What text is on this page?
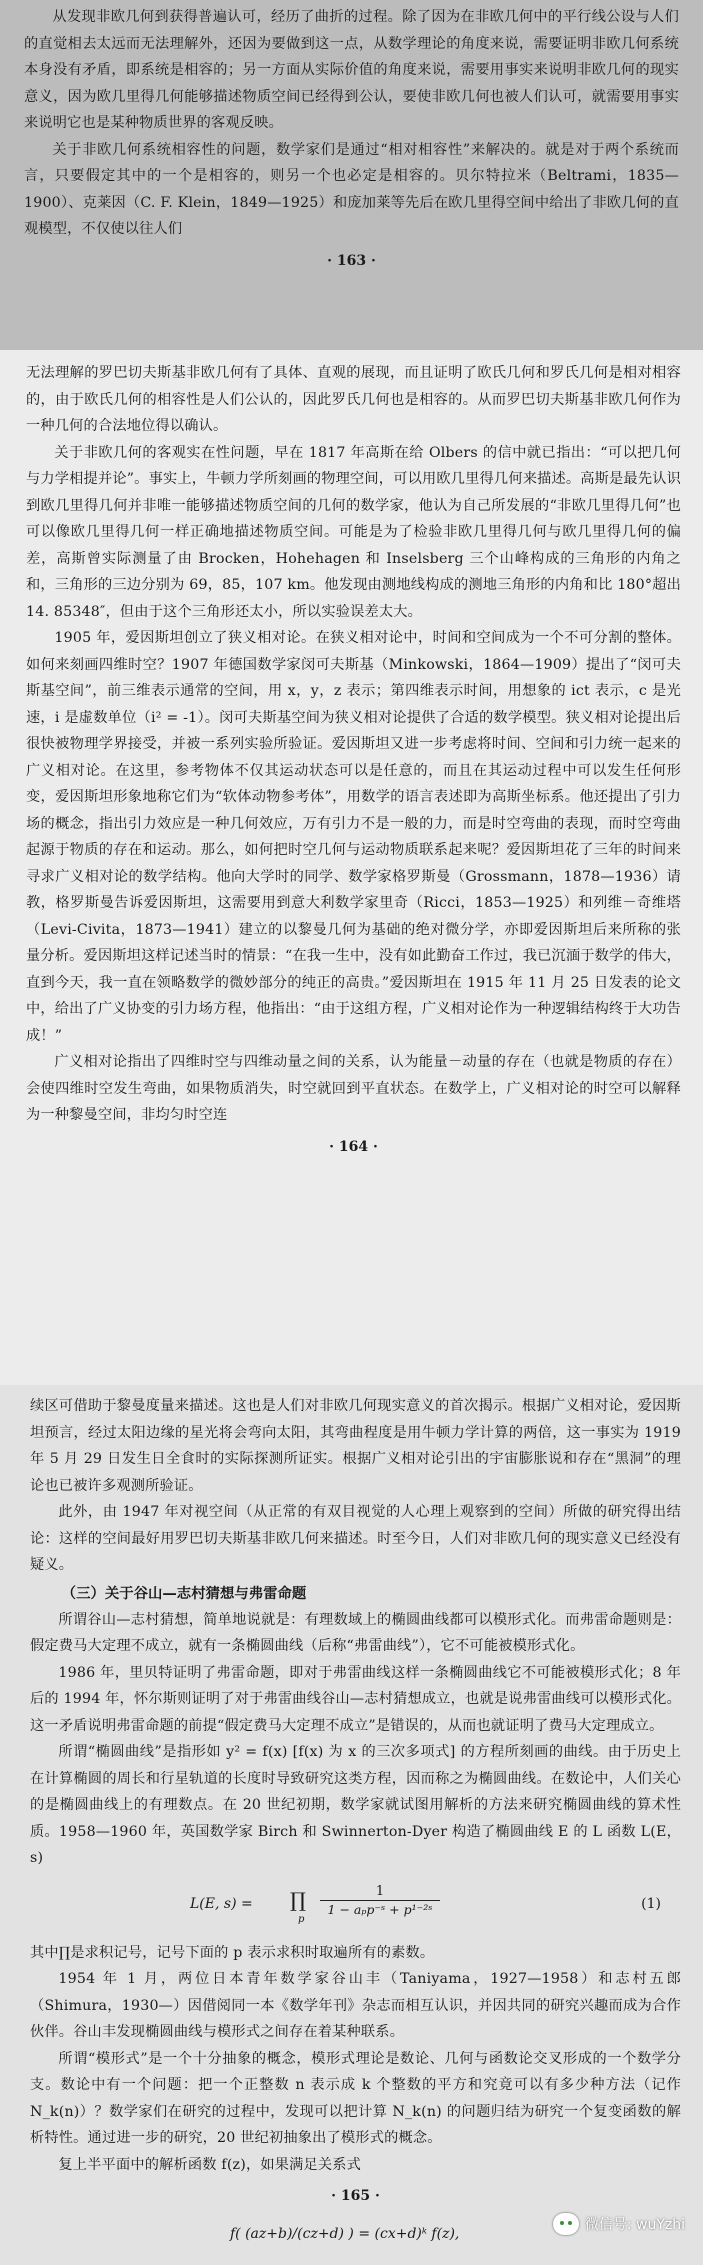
从发现非欧几何到获得普遍认可，经历了曲折的过程。除了因为在非欧几何中的平行线公设与人们的直觉相去太远而无法理解外，还因为要做到这一点，从数学理论的角度来说，需要证明非欧几何系统本身没有矛盾，即系统是相容的；另一方面从实际价值的角度来说，需要用事实来说明非欧几何的现实意义，因为欧几里得几何能够描述物质空间已经得到公认，要使非欧几何也被人们认可，就需要用事实来说明它也是某种物质世界的客观反映。

关于非欧几何系统相容性的问题，数学家们是通过“相对相容性”来解决的。就是对于两个系统而言，只要假定其中的一个是相容的，则另一个也必定是相容的。贝尔特拉米（Beltrami，1835—1900）、克莱因（C. F. Klein，1849—1925）和庞加莱等先后在欧几里得空间中给出了非欧几何的直观模型，不仅使以往人们

· 163 ·

无法理解的罗巴切夫斯基非欧几何有了具体、直观的展现，而且证明了欧氏几何和罗氏几何是相对相容的，由于欧氏几何的相容性是人们公认的，因此罗氏几何也是相容的。从而罗巴切夫斯基非欧几何作为一种几何的合法地位得以确认。

关于非欧几何的客观实在性问题，早在 1817 年高斯在给 Olbers 的信中就已指出：“可以把几何与力学相提并论”。事实上，牛顿力学所刻画的物理空间，可以用欧几里得几何来描述。高斯是最先认识到欧几里得几何并非唯一能够描述物质空间的几何的数学家，他认为自己所发展的“非欧几里得几何”也可以像欧几里得几何一样正确地描述物质空间。可能是为了检验非欧几里得几何与欧几里得几何的偏差，高斯曾实际测量了由 Brocken，Hohehagen 和 Inselsberg 三个山峰构成的三角形的内角之和，三角形的三边分别为 69，85，107 km。他发现由测地线构成的测地三角形的内角和比 180°超出 14. 85348″，但由于这个三角形还太小，所以实验误差太大。

1905 年，爱因斯坦创立了狭义相对论。在狭义相对论中，时间和空间成为一个不可分割的整体。如何来刻画四维时空？1907 年德国数学家闵可夫斯基（Minkowski，1864—1909）提出了“闵可夫斯基空间”，前三维表示通常的空间，用 x，y，z 表示；第四维表示时间，用想象的 ict 表示，c 是光速，i 是虚数单位（i² = -1）。闵可夫斯基空间为狭义相对论提供了合适的数学模型。狭义相对论提出后很快被物理学界接受，并被一系列实验所验证。爱因斯坦又进一步考虑将时间、空间和引力统一起来的广义相对论。在这里，参考物体不仅其运动状态可以是任意的，而且在其运动过程中可以发生任何形变，爱因斯坦形象地称它们为“软体动物参考体”，用数学的语言表述即为高斯坐标系。他还提出了引力场的概念，指出引力效应是一种几何效应，万有引力不是一般的力，而是时空弯曲的表现，而时空弯曲起源于物质的存在和运动。那么，如何把时空几何与运动物质联系起来呢？爱因斯坦花了三年的时间来寻求广义相对论的数学结构。他向大学时的同学、数学家格罗斯曼（Grossmann，1878—1936）请教，格罗斯曼告诉爱因斯坦，这需要用到意大利数学家里奇（Ricci，1853—1925）和列维－奇维塔（Levi-Civita，1873—1941）建立的以黎曼几何为基础的绝对微分学，亦即爱因斯坦后来所称的张量分析。爱因斯坦这样记述当时的情景：“在我一生中，没有如此勤奋工作过，我已沉湎于数学的伟大，直到今天，我一直在领略数学的微妙部分的纯正的高贵。”爱因斯坦在 1915 年 11 月 25 日发表的论文中，给出了广义协变的引力场方程，他指出：“由于这组方程，广义相对论作为一种逻辑结构终于大功告成！”

广义相对论指出了四维时空与四维动量之间的关系，认为能量－动量的存在（也就是物质的存在）会使四维时空发生弯曲，如果物质消失，时空就回到平直状态。在数学上，广义相对论的时空可以解释为一种黎曼空间，非均匀时空连

· 164 ·

续区可借助于黎曼度量来描述。这也是人们对非欧几何现实意义的首次揭示。根据广义相对论，爱因斯坦预言，经过太阳边缘的星光将会弯向太阳，其弯曲程度是用牛顿力学计算的两倍，这一事实为 1919 年 5 月 29 日发生日全食时的实际探测所证实。根据广义相对论引出的宇宙膨胀说和存在“黑洞”的理论也已被许多观测所验证。

此外，由 1947 年对视空间（从正常的有双目视觉的人心理上观察到的空间）所做的研究得出结论：这样的空间最好用罗巴切夫斯基非欧几何来描述。时至今日，人们对非欧几何的现实意义已经没有疑义。

（三）关于谷山—志村猜想与弗雷命题

所谓谷山—志村猜想，简单地说就是：有理数域上的椭圆曲线都可以模形式化。而弗雷命题则是：假定费马大定理不成立，就有一条椭圆曲线（后称“弗雷曲线”），它不可能被模形式化。

1986 年，里贝特证明了弗雷命题，即对于弗雷曲线这样一条椭圆曲线它不可能被模形式化；8 年后的 1994 年，怀尔斯则证明了对于弗雷曲线谷山—志村猜想成立，也就是说弗雷曲线可以模形式化。这一矛盾说明弗雷命题的前提“假定费马大定理不成立”是错误的，从而也就证明了费马大定理成立。

所谓“椭圆曲线”是指形如 y² = f(x) [f(x) 为 x 的三次多项式] 的方程所刻画的曲线。由于历史上在计算椭圆的周长和行星轨道的长度时导致研究这类方程，因而称之为椭圆曲线。在数论中，人们关心的是椭圆曲线上的有理数点。在 20 世纪初期，数学家就试图用解析的方法来研究椭圆曲线的算术性质。1958—1960 年，英国数学家 Birch 和 Swinnerton-Dyer 构造了椭圆曲线 E 的 L 函数 L(E，s)

L(E, s) = ∏
p
1
1 − aₚp⁻ˢ + p¹⁻²ˢ	(1)

其中∏是求积记号，记号下面的 p 表示求积时取遍所有的素数。

1954 年 1 月，两位日本青年数学家谷山丰（Taniyama，1927—1958）和志村五郎（Shimura，1930—）因借阅同一本《数学年刊》杂志而相互认识，并因共同的研究兴趣而成为合作伙伴。谷山丰发现椭圆曲线与模形式之间存在着某种联系。

所谓“模形式”是一个十分抽象的概念，模形式理论是数论、几何与函数论交叉形成的一个数学分支。数论中有一个问题：把一个正整数 n 表示成 k 个整数的平方和究竟可以有多少种方法（记作 N_k(n)）？数学家们在研究的过程中，发现可以把计算 N_k(n) 的问题归结为研究一个复变函数的解析特性。通过进一步的研究，20 世纪初抽象出了模形式的概念。

复上半平面中的解析函数 f(z)，如果满足关系式

· 165 ·
f( (az+b)/(cz+d) ) = (cx+d)ᵏ f(z),
微信号: wuYzhi
